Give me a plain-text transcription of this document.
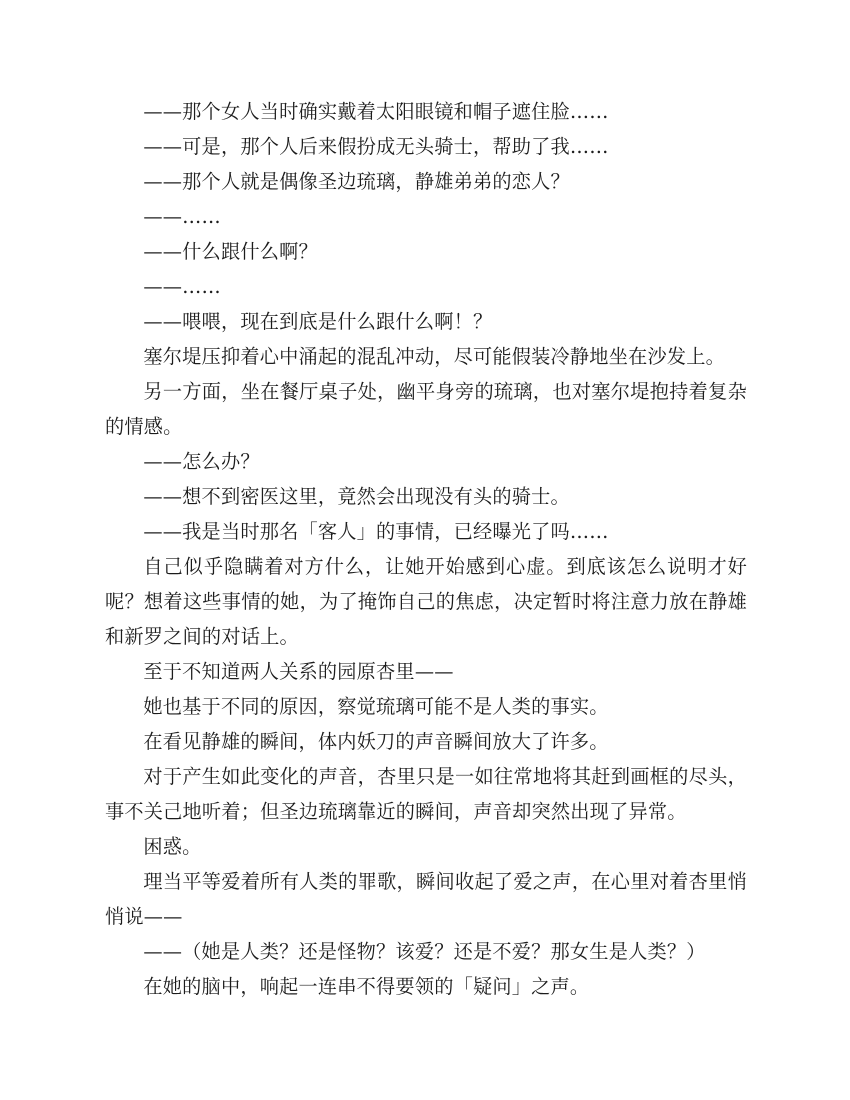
——那个女人当时确实戴着太阳眼镜和帽子遮住脸……

——可是，那个人后来假扮成无头骑士，帮助了我……

——那个人就是偶像圣边琉璃，静雄弟弟的恋人？

——……

——什么跟什么啊？

——……

——喂喂，现在到底是什么跟什么啊！？

塞尔堤压抑着心中涌起的混乱冲动，尽可能假装冷静地坐在沙发上。

另一方面，坐在餐厅桌子处，幽平身旁的琉璃，也对塞尔堤抱持着复杂的情感。

——怎么办？

——想不到密医这里，竟然会出现没有头的骑士。

——我是当时那名「客人」的事情，已经曝光了吗……

自己似乎隐瞒着对方什么，让她开始感到心虚。到底该怎么说明才好呢？想着这些事情的她，为了掩饰自己的焦虑，决定暂时将注意力放在静雄和新罗之间的对话上。

至于不知道两人关系的园原杏里——

她也基于不同的原因，察觉琉璃可能不是人类的事实。

在看见静雄的瞬间，体内妖刀的声音瞬间放大了许多。

对于产生如此变化的声音，杏里只是一如往常地将其赶到画框的尽头，事不关己地听着；但圣边琉璃靠近的瞬间，声音却突然出现了异常。

困惑。

理当平等爱着所有人类的罪歌，瞬间收起了爱之声，在心里对着杏里悄悄说——

——（她是人类？还是怪物？该爱？还是不爱？那女生是人类？）

在她的脑中，响起一连串不得要领的「疑问」之声。
